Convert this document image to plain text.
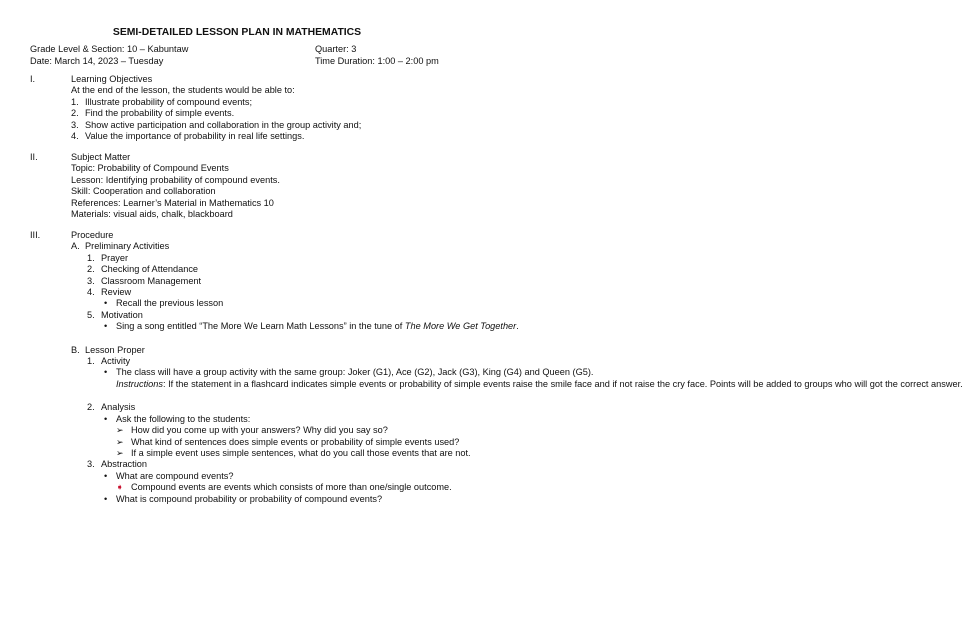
SEMI-DETAILED LESSON PLAN IN MATHEMATICS
Grade Level & Section: 10 – Kabuntaw	Quarter: 3
Date: March 14, 2023 – Tuesday	Time Duration: 1:00 – 2:00 pm
I.	Learning Objectives
At the end of the lesson, the students would be able to:
1. Illustrate probability of compound events;
2. Find the probability of simple events.
3. Show active participation and collaboration in the group activity and;
4. Value the importance of probability in real life settings.
II.	Subject Matter
Topic: Probability of Compound Events
Lesson: Identifying probability of compound events.
Skill: Cooperation and collaboration
References: Learner’s Material in Mathematics 10
Materials: visual aids, chalk, blackboard
III.	Procedure
A. Preliminary Activities
1. Prayer
2. Checking of Attendance
3. Classroom Management
4. Review
• Recall the previous lesson
5. Motivation
• Sing a song entitled “The More We Learn Math Lessons” in the tune of The More We Get Together.
B. Lesson Proper
1. Activity
• The class will have a group activity with the same group: Joker (G1), Ace (G2), Jack (G3), King (G4) and Queen (G5).
Instructions: If the statement in a flashcard indicates simple events or probability of simple events raise the smile face and if not raise the cry face. Points will be added to groups who will got the correct answer.
2. Analysis
• Ask the following to the students:
➢ How did you come up with your answers? Why did you say so?
➢ What kind of sentences does simple events or probability of simple events used?
➢ If a simple event uses simple sentences, what do you call those events that are not.
3. Abstraction
• What are compound events?
➧ Compound events are events which consists of more than one/single outcome.
• What is compound probability or probability of compound events?
